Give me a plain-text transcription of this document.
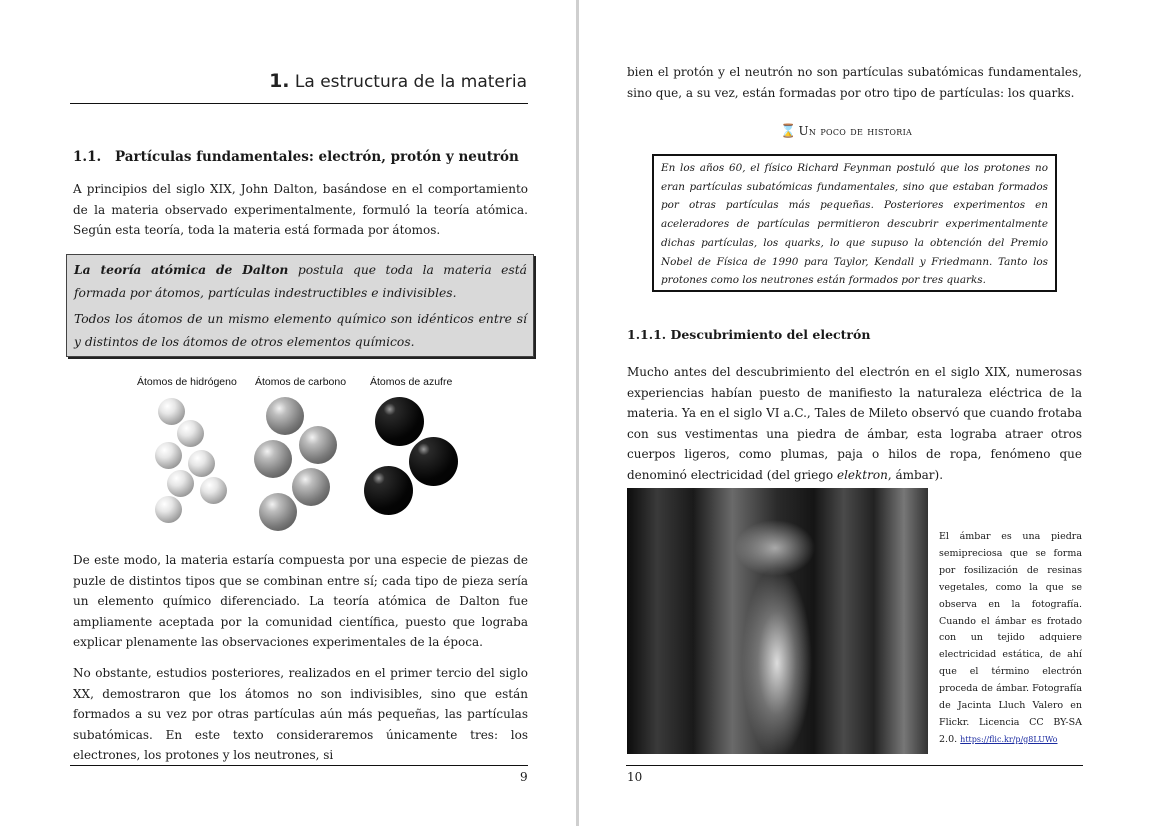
1. La estructura de la materia
1.1. Partículas fundamentales: electrón, protón y neutrón

A principios del siglo XIX, John Dalton, basándose en el comportamiento de la materia observado experimentalmente, formuló la teoría atómica. Según esta teoría, toda la materia está formada por átomos.

La teoría atómica de Dalton postula que toda la materia está formada por átomos, partículas indestructibles e indivisibles.

Todos los átomos de un mismo elemento químico son idénticos entre sí y distintos de los átomos de otros elementos químicos.

Átomos de hidrógeno Átomos de carbono Átomos de azufre

De este modo, la materia estaría compuesta por una especie de piezas de puzle de distintos tipos que se combinan entre sí; cada tipo de pieza sería un elemento químico diferenciado. La teoría atómica de Dalton fue ampliamente aceptada por la comunidad científica, puesto que lograba explicar plenamente las observaciones experimentales de la época.

No obstante, estudios posteriores, realizados en el primer tercio del siglo XX, demostraron que los átomos no son indivisibles, sino que están formados a su vez por otras partículas aún más pequeñas, las partículas subatómicas. En este texto consideraremos únicamente tres: los electrones, los protones y los neutrones, si

9

bien el protón y el neutrón no son partículas subatómicas fundamentales, sino que, a su vez, están formadas por otro tipo de partículas: los quarks.

⌛ Un poco de historia

En los años 60, el físico Richard Feynman postuló que los protones no eran partículas subatómicas fundamentales, sino que estaban formados por otras partículas más pequeñas. Posteriores experimentos en aceleradores de partículas permitieron descubrir experimentalmente dichas partículas, los quarks, lo que supuso la obtención del Premio Nobel de Física de 1990 para Taylor, Kendall y Friedmann. Tanto los protones como los neutrones están formados por tres quarks.

1.1.1. Descubrimiento del electrón

Mucho antes del descubrimiento del electrón en el siglo XIX, numerosas experiencias habían puesto de manifiesto la naturaleza eléctrica de la materia. Ya en el siglo VI a.C., Tales de Mileto observó que cuando frotaba con sus vestimentas una piedra de ámbar, esta lograba atraer otros cuerpos ligeros, como plumas, paja o hilos de ropa, fenómeno que denominó electricidad (del griego elektron, ámbar).

El ámbar es una piedra semipreciosa que se forma por fosilización de resinas vegetales, como la que se observa en la fotografía. Cuando el ámbar es frotado con un tejido adquiere electricidad estática, de ahí que el término electrón proceda de ámbar. Fotografía de Jacinta Lluch Valero en Flickr. Licencia CC BY-SA 2.0. https://flic.kr/p/g8LUWo

10
